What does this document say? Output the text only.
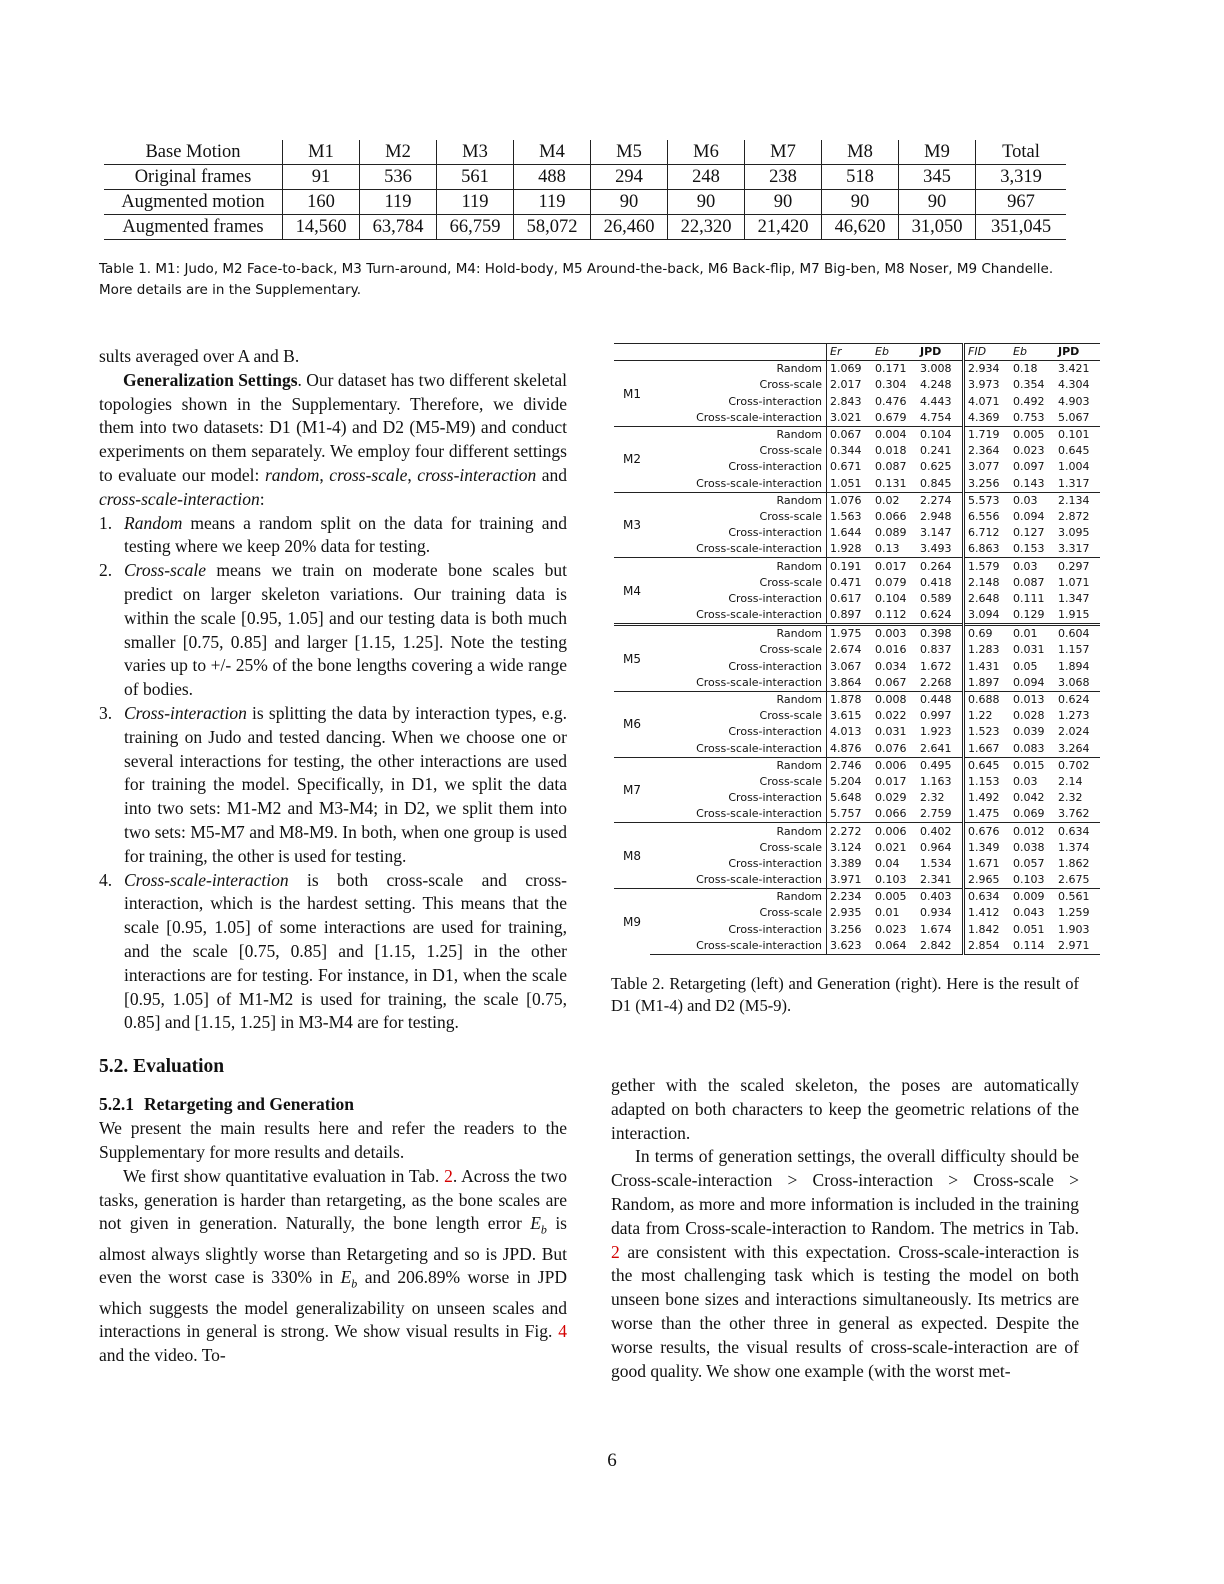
Base Motion	M1	M2	M3	M4	M5	M6	M7	M8	M9	Total
Original frames	91	536	561	488	294	248	238	518	345	3,319
Augmented motion	160	119	119	119	90	90	90	90	90	967
Augmented frames	14,560	63,784	66,759	58,072	26,460	22,320	21,420	46,620	31,050	351,045
Table 1. M1: Judo, M2 Face-to-back, M3 Turn-around, M4: Hold-body, M5 Around-the-back, M6 Back-flip, M7 Big-ben, M8 Noser, M9 Chandelle. More details are in the Supplementary.

sults averaged over A and B.

Generalization Settings. Our dataset has two different skeletal topologies shown in the Supplementary. Therefore, we divide them into two datasets: D1 (M1-4) and D2 (M5-M9) and conduct experiments on them separately. We employ four different settings to evaluate our model: random, cross-scale, cross-interaction and cross-scale-interaction:

1. Random means a random split on the data for training and testing where we keep 20% data for testing.
2. Cross-scale means we train on moderate bone scales but predict on larger skeleton variations. Our training data is within the scale [0.95, 1.05] and our testing data is both much smaller [0.75, 0.85] and larger [1.15, 1.25]. Note the testing varies up to +/- 25% of the bone lengths covering a wide range of bodies.
3. Cross-interaction is splitting the data by interaction types, e.g. training on Judo and tested dancing. When we choose one or several interactions for testing, the other interactions are used for training the model. Specifically, in D1, we split the data into two sets: M1-M2 and M3-M4; in D2, we split them into two sets: M5-M7 and M8-M9. In both, when one group is used for training, the other is used for testing.
4. Cross-scale-interaction is both cross-scale and cross-interaction, which is the hardest setting. This means that the scale [0.95, 1.05] of some interactions are used for training, and the scale [0.75, 0.85] and [1.15, 1.25] in the other interactions are for testing. For instance, in D1, when the scale [0.95, 1.05] of M1-M2 is used for training, the scale [0.75, 0.85] and [1.15, 1.25] in M3-M4 are for testing.
5.2. Evaluation
5.2.1 Retargeting and Generation

We present the main results here and refer the readers to the Supplementary for more results and details.

We first show quantitative evaluation in Tab. 2. Across the two tasks, generation is harder than retargeting, as the bone scales are not given in generation. Naturally, the bone length error $E_b$ is almost always slightly worse than Retargeting and so is JPD. But even the worst case is 330% in $E_b$ and 206.89% worse in JPD which suggests the model generalizability on unseen scales and interactions in general is strong. We show visual results in Fig. 4 and the video. To-

		Er	Eb	JPD	FID	Eb	JPD
M1	Random	1.069	0.171	3.008	2.934	0.18	3.421
	Cross-scale	2.017	0.304	4.248	3.973	0.354	4.304
	Cross-interaction	2.843	0.476	4.443	4.071	0.492	4.903
	Cross-scale-interaction	3.021	0.679	4.754	4.369	0.753	5.067
M2	Random	0.067	0.004	0.104	1.719	0.005	0.101
	Cross-scale	0.344	0.018	0.241	2.364	0.023	0.645
	Cross-interaction	0.671	0.087	0.625	3.077	0.097	1.004
	Cross-scale-interaction	1.051	0.131	0.845	3.256	0.143	1.317
M3	Random	1.076	0.02	2.274	5.573	0.03	2.134
	Cross-scale	1.563	0.066	2.948	6.556	0.094	2.872
	Cross-interaction	1.644	0.089	3.147	6.712	0.127	3.095
	Cross-scale-interaction	1.928	0.13	3.493	6.863	0.153	3.317
M4	Random	0.191	0.017	0.264	1.579	0.03	0.297
	Cross-scale	0.471	0.079	0.418	2.148	0.087	1.071
	Cross-interaction	0.617	0.104	0.589	2.648	0.111	1.347
	Cross-scale-interaction	0.897	0.112	0.624	3.094	0.129	1.915
M5	Random	1.975	0.003	0.398	0.69	0.01	0.604
	Cross-scale	2.674	0.016	0.837	1.283	0.031	1.157
	Cross-interaction	3.067	0.034	1.672	1.431	0.05	1.894
	Cross-scale-interaction	3.864	0.067	2.268	1.897	0.094	3.068
M6	Random	1.878	0.008	0.448	0.688	0.013	0.624
	Cross-scale	3.615	0.022	0.997	1.22	0.028	1.273
	Cross-interaction	4.013	0.031	1.923	1.523	0.039	2.024
	Cross-scale-interaction	4.876	0.076	2.641	1.667	0.083	3.264
M7	Random	2.746	0.006	0.495	0.645	0.015	0.702
	Cross-scale	5.204	0.017	1.163	1.153	0.03	2.14
	Cross-interaction	5.648	0.029	2.32	1.492	0.042	2.32
	Cross-scale-interaction	5.757	0.066	2.759	1.475	0.069	3.762
M8	Random	2.272	0.006	0.402	0.676	0.012	0.634
	Cross-scale	3.124	0.021	0.964	1.349	0.038	1.374
	Cross-interaction	3.389	0.04	1.534	1.671	0.057	1.862
	Cross-scale-interaction	3.971	0.103	2.341	2.965	0.103	2.675
M9	Random	2.234	0.005	0.403	0.634	0.009	0.561
	Cross-scale	2.935	0.01	0.934	1.412	0.043	1.259
	Cross-interaction	3.256	0.023	1.674	1.842	0.051	1.903
	Cross-scale-interaction	3.623	0.064	2.842	2.854	0.114	2.971
Table 2. Retargeting (left) and Generation (right). Here is the result of D1 (M1-4) and D2 (M5-9).

gether with the scaled skeleton, the poses are automatically adapted on both characters to keep the geometric relations of the interaction.

In terms of generation settings, the overall difficulty should be Cross-scale-interaction > Cross-interaction > Cross-scale > Random, as more and more information is included in the training data from Cross-scale-interaction to Random. The metrics in Tab. 2 are consistent with this expectation. Cross-scale-interaction is the most challenging task which is testing the model on both unseen bone sizes and interactions simultaneously. Its metrics are worse than the other three in general as expected. Despite the worse results, the visual results of cross-scale-interaction are of good quality. We show one example (with the worst met-

6
